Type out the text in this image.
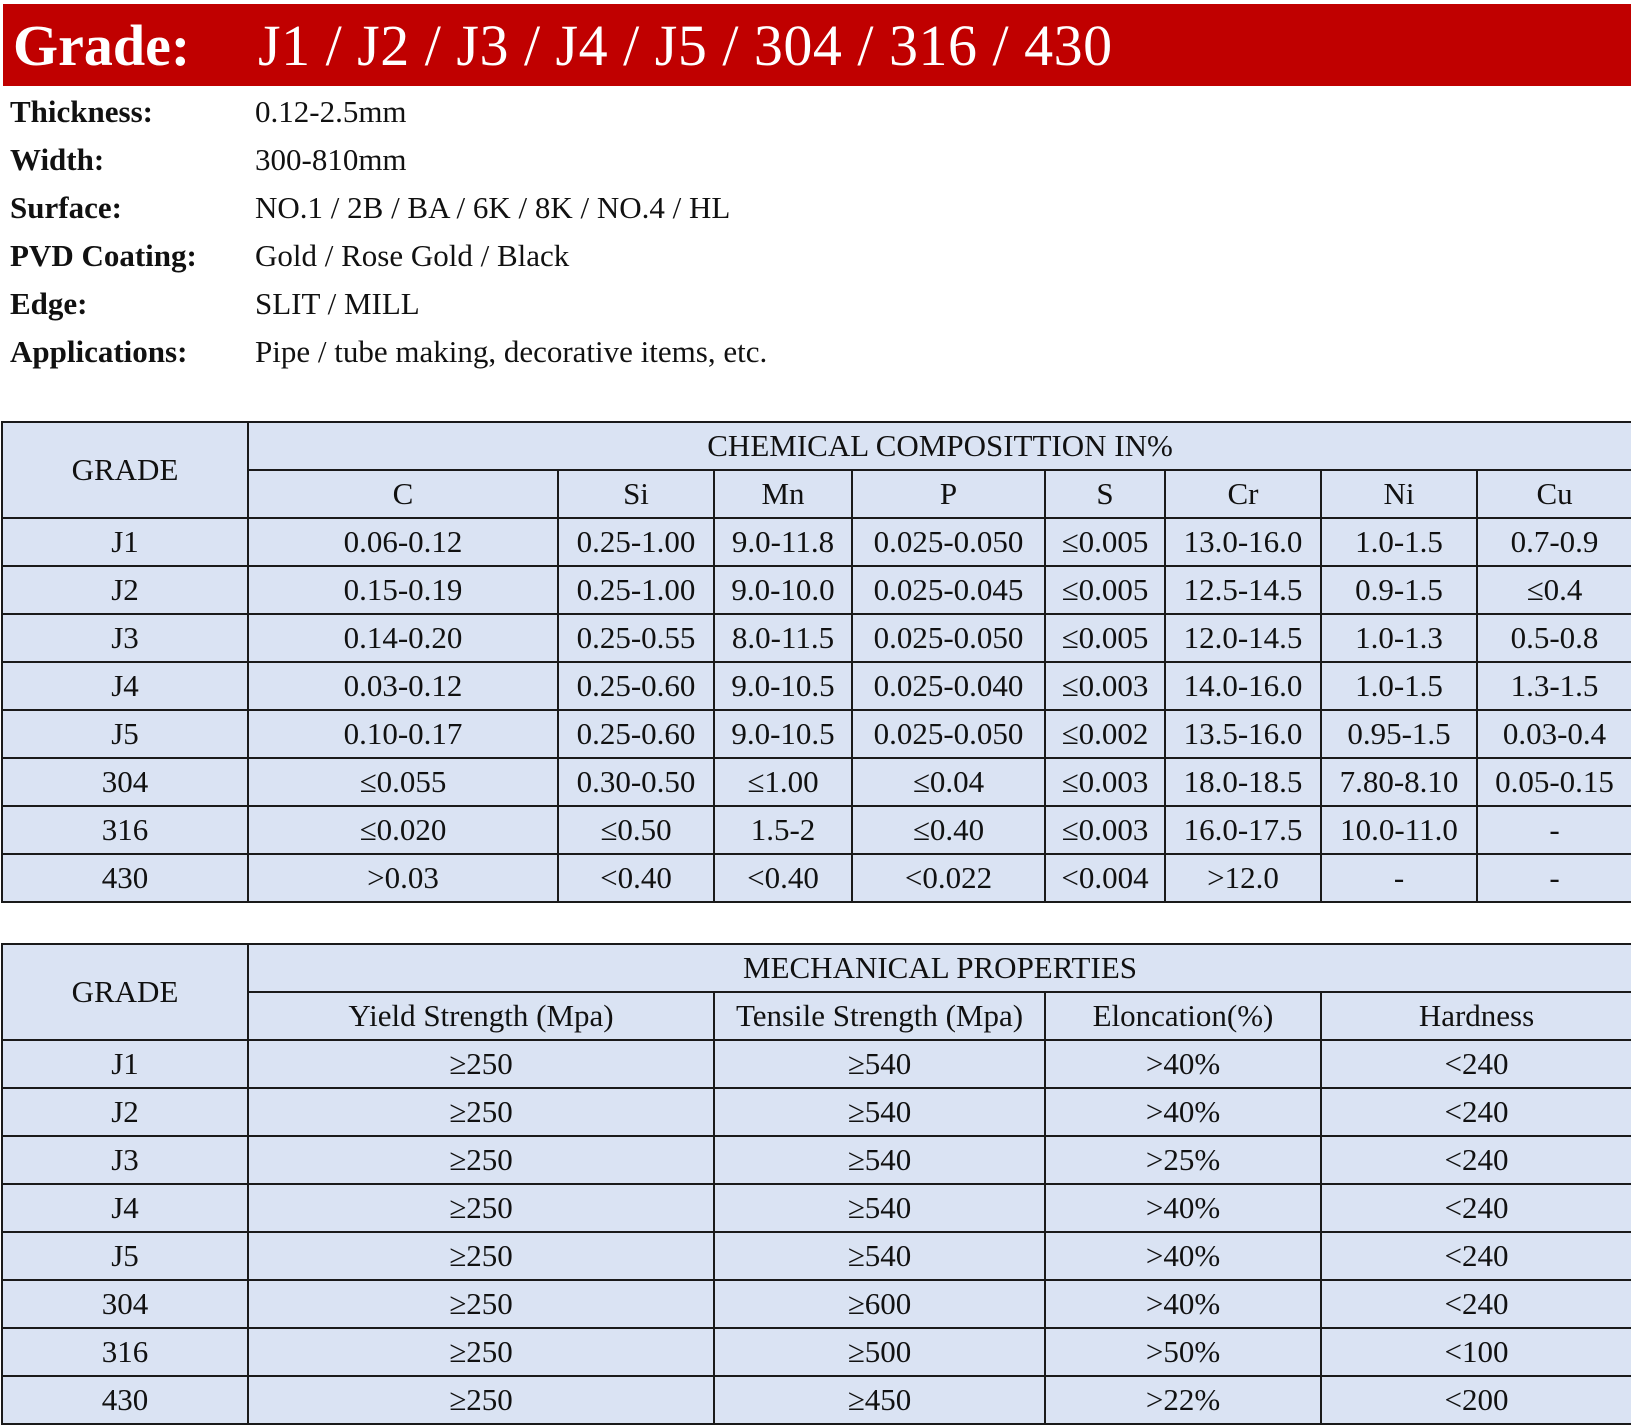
Grade:	J1 / J2 / J3 / J4 / J5 / 304 / 316 / 430
Thickness:	0.12-2.5mm
Width:	300-810mm
Surface:	NO.1 / 2B / BA / 6K / 8K / NO.4 / HL
PVD Coating:	Gold / Rose Gold / Black
Edge:	SLIT / MILL
Applications:	Pipe / tube making, decorative items, etc.
GRADE	CHEMICAL COMPOSITTION IN%							
	C	Si	Mn	P	S	Cr	Ni	Cu
J1	0.06-0.12	0.25-1.00	9.0-11.8	0.025-0.050	≤0.005	13.0-16.0	1.0-1.5	0.7-0.9
J2	0.15-0.19	0.25-1.00	9.0-10.0	0.025-0.045	≤0.005	12.5-14.5	0.9-1.5	≤0.4
J3	0.14-0.20	0.25-0.55	8.0-11.5	0.025-0.050	≤0.005	12.0-14.5	1.0-1.3	0.5-0.8
J4	0.03-0.12	0.25-0.60	9.0-10.5	0.025-0.040	≤0.003	14.0-16.0	1.0-1.5	1.3-1.5
J5	0.10-0.17	0.25-0.60	9.0-10.5	0.025-0.050	≤0.002	13.5-16.0	0.95-1.5	0.03-0.4
304	≤0.055	0.30-0.50	≤1.00	≤0.04	≤0.003	18.0-18.5	7.80-8.10	0.05-0.15
316	≤0.020	≤0.50	1.5-2	≤0.40	≤0.003	16.0-17.5	10.0-11.0	-
430	>0.03	<0.40	<0.40	<0.022	<0.004	>12.0	-	-
GRADE	MECHANICAL PROPERTIES			
	Yield Strength (Mpa)	Tensile Strength (Mpa)	Eloncation(%)	Hardness
J1	≥250	≥540	>40%	<240
J2	≥250	≥540	>40%	<240
J3	≥250	≥540	>25%	<240
J4	≥250	≥540	>40%	<240
J5	≥250	≥540	>40%	<240
304	≥250	≥600	>40%	<240
316	≥250	≥500	>50%	<100
430	≥250	≥450	>22%	<200
